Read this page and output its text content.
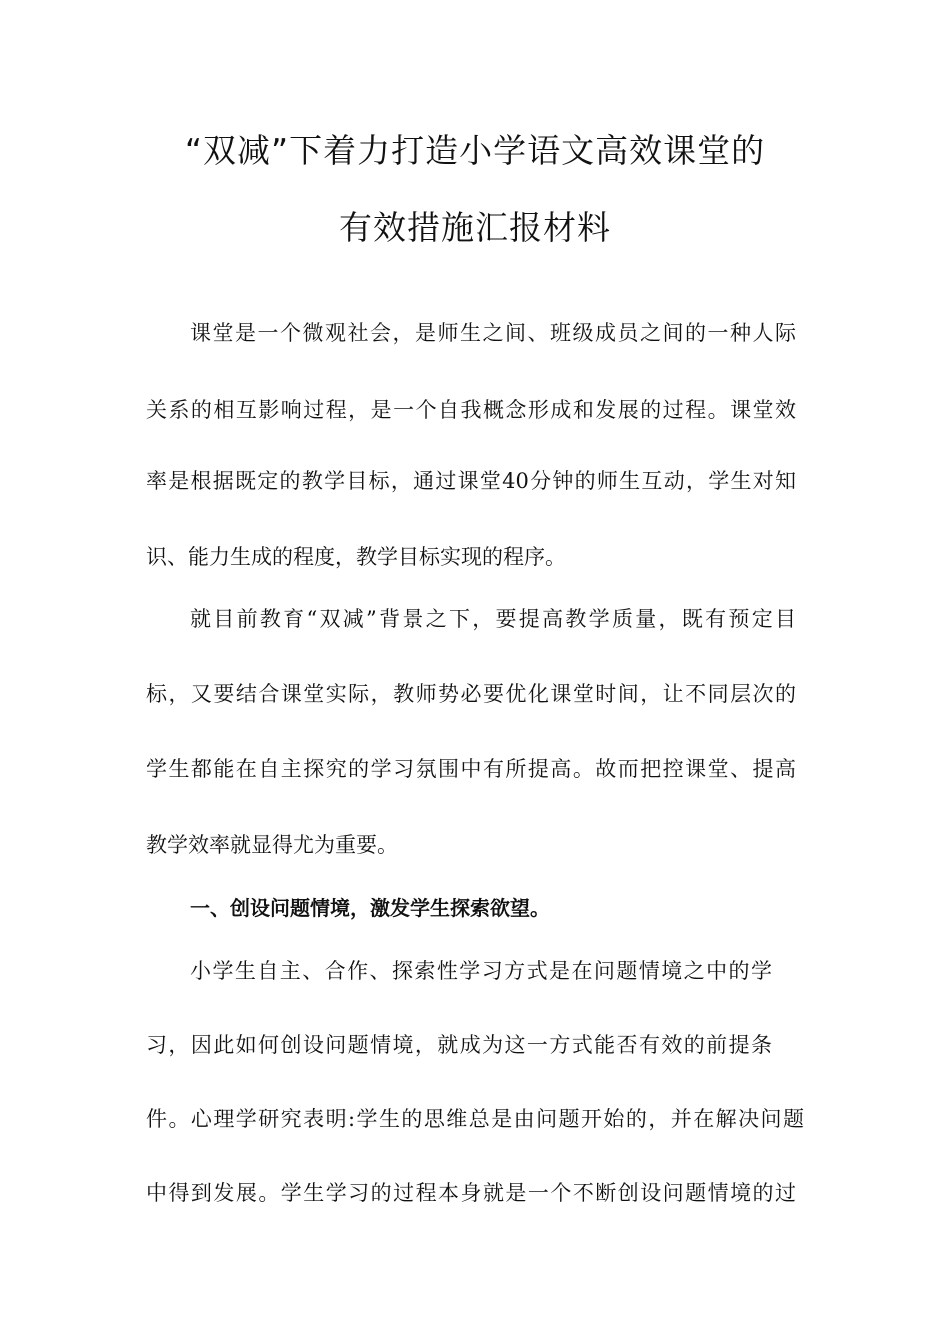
“双减”下着力打造小学语文高效课堂的
有效措施汇报材料
课堂是一个微观社会，是师生之间、班级成员之间的一种人际
关系的相互影响过程，是一个自我概念形成和发展的过程。课堂效
率是根据既定的教学目标，通过课堂40分钟的师生互动，学生对知
识、能力生成的程度，教学目标实现的程序。
就目前教育“双减”背景之下，要提高教学质量，既有预定目
标，又要结合课堂实际，教师势必要优化课堂时间，让不同层次的
学生都能在自主探究的学习氛围中有所提高。故而把控课堂、提高
教学效率就显得尤为重要。
一、创设问题情境，激发学生探索欲望。
小学生自主、合作、探索性学习方式是在问题情境之中的学
习，因此如何创设问题情境，就成为这一方式能否有效的前提条
件。心理学研究表明:学生的思维总是由问题开始的，并在解决问题
中得到发展。学生学习的过程本身就是一个不断创设问题情境的过
